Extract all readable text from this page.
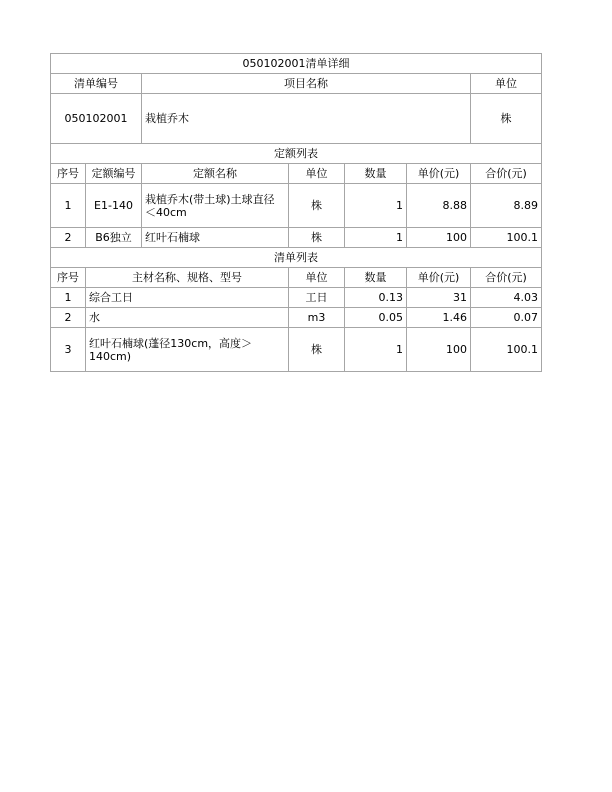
050102001清单详细							
清单编号		项目名称				单位	
050102001		栽植乔木				株	
定额列表							
序号	定额编号	定额名称	单位	数量	单价(元)	合价(元)	
1	E1-140	栽植乔木(带土球)土球直径＜40cm	株	1	8.88	8.89	
2	B6独立	红叶石楠球	株	1	100	100.1	
清单列表							
序号	主材名称、规格、型号		单位	数量	单价(元)	合价(元)	
1	综合工日		工日	0.13	31	4.03	
2	水		m3	0.05	1.46	0.07	
3	红叶石楠球(蓬径130cm，高度＞140cm)		株	1	100	100.1	
